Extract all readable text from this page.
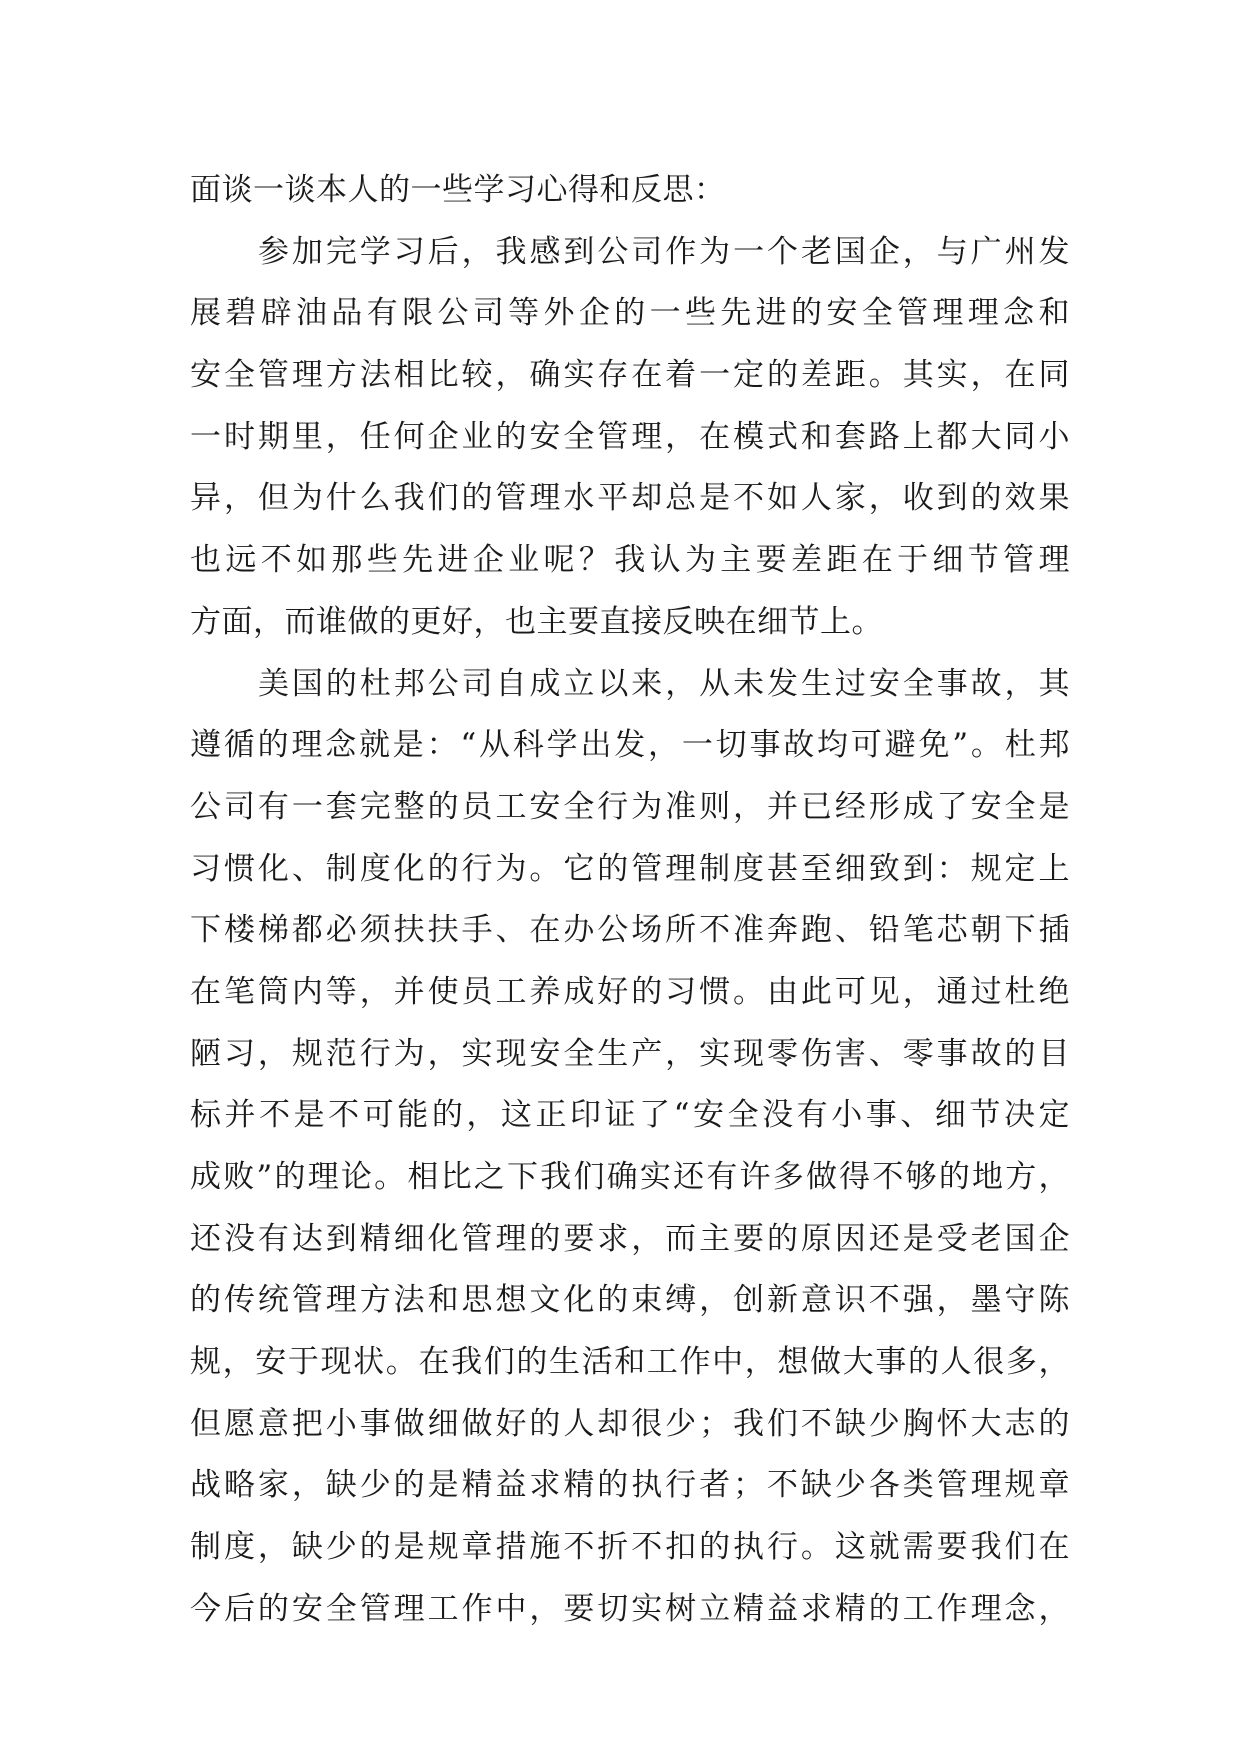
面谈一谈本人的一些学习心得和反思：
参加完学习后，我感到公司作为一个老国企，与广州发
展碧辟油品有限公司等外企的一些先进的安全管理理念和
安全管理方法相比较，确实存在着一定的差距。其实，在同
一时期里，任何企业的安全管理，在模式和套路上都大同小
异，但为什么我们的管理水平却总是不如人家，收到的效果
也远不如那些先进企业呢？我认为主要差距在于细节管理
方面，而谁做的更好，也主要直接反映在细节上。
美国的杜邦公司自成立以来，从未发生过安全事故，其
遵循的理念就是：“从科学出发，一切事故均可避免”。杜邦
公司有一套完整的员工安全行为准则，并已经形成了安全是
习惯化、制度化的行为。它的管理制度甚至细致到：规定上
下楼梯都必须扶扶手、在办公场所不准奔跑、铅笔芯朝下插
在笔筒内等，并使员工养成好的习惯。由此可见，通过杜绝
陋习，规范行为，实现安全生产，实现零伤害、零事故的目
标并不是不可能的，这正印证了“安全没有小事、细节决定
成败”的理论。相比之下我们确实还有许多做得不够的地方，
还没有达到精细化管理的要求，而主要的原因还是受老国企
的传统管理方法和思想文化的束缚，创新意识不强，墨守陈
规，安于现状。在我们的生活和工作中，想做大事的人很多，
但愿意把小事做细做好的人却很少；我们不缺少胸怀大志的
战略家，缺少的是精益求精的执行者；不缺少各类管理规章
制度，缺少的是规章措施不折不扣的执行。这就需要我们在
今后的安全管理工作中，要切实树立精益求精的工作理念，
